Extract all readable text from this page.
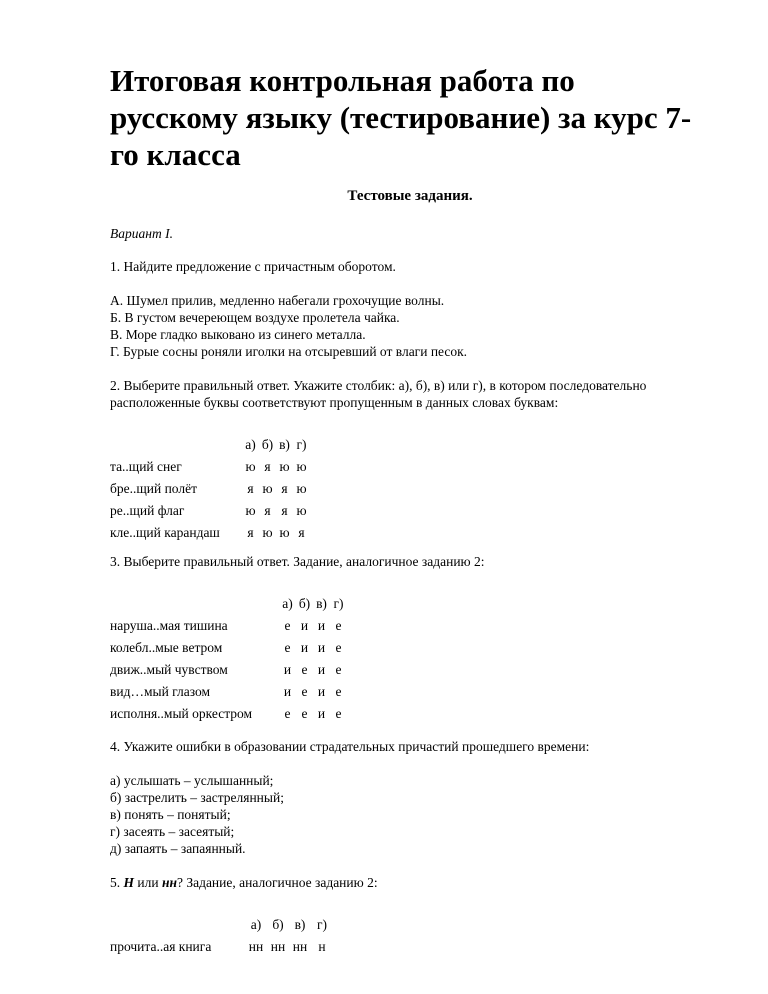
Итоговая контрольная работа по русскому языку (тестирование) за курс 7-го класса

Тестовые задания.

Вариант I.

1. Найдите предложение с причастным оборотом.

А. Шумел прилив, медленно набегали грохочущие волны.

Б. В густом вечереющем воздухе пролетела чайка.

В. Море гладко выковано из синего металла.

Г. Бурые сосны роняли иголки на отсыревший от влаги песок.

2. Выберите правильный ответ. Укажите столбик: а), б), в) или г), в котором последовательно расположенные буквы соответствуют пропущенным в данных словах буквам:

	а)	б)	в)	г)
та..щий снег	ю	я	ю	ю
бре..щий полёт	я	ю	я	ю
ре..щий флаг	ю	я	я	ю
кле..щий карандаш	я	ю	ю	я

3. Выберите правильный ответ. Задание, аналогичное заданию 2:

	а)	б)	в)	г)
наруша..мая тишина	е	и	и	е
колебл..мые ветром	е	и	и	е
движ..мый чувством	и	е	и	е
вид…мый глазом	и	е	и	е
исполня..мый оркестром	е	е	и	е

4. Укажите ошибки в образовании страдательных причастий прошедшего времени:

а) услышать – услышанный;

б) застрелить – застрелянный;

в) понять – понятый;

г) засеять – засеятый;

д) запаять – запаянный.

5. Н или нн? Задание, аналогичное заданию 2:

	а)	б)	в)	г)
прочита..ая книга	нн	нн	нн	н
